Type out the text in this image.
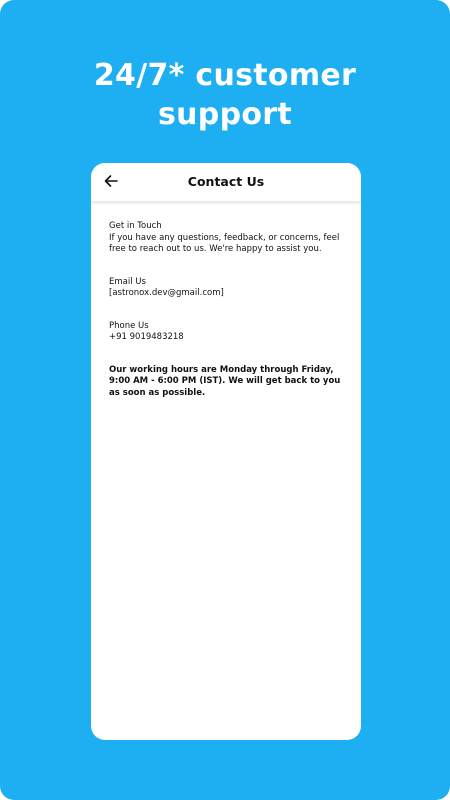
24/7* customer
support
Contact Us
Get in Touch
If you have any questions, feedback, or concerns, feel free to reach out to us. We're happy to assist you.
Email Us
[astronox.dev@gmail.com]
Phone Us
+91 9019483218
Our working hours are Monday through Friday, 9:00 AM - 6:00 PM (IST). We will get back to you as soon as possible.
